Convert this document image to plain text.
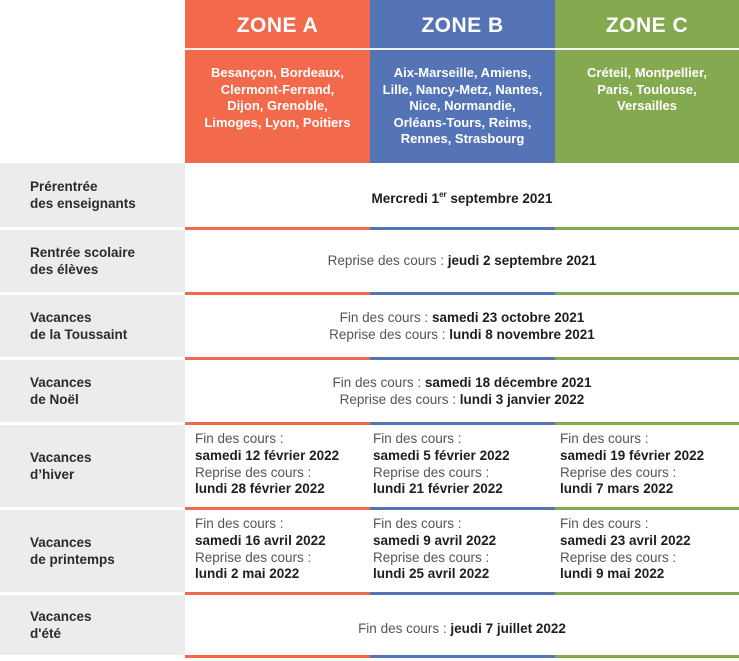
ZONE A
Besançon, Bordeaux,
Clermont-Ferrand,
Dijon, Grenoble,
Limoges, Lyon, Poitiers
ZONE B
Aix-Marseille, Amiens,
Lille, Nancy-Metz, Nantes,
Nice, Normandie,
Orléans-Tours, Reims,
Rennes, Strasbourg
ZONE C
Créteil, Montpellier,
Paris, Toulouse,
Versailles
Prérentrée
des enseignants	Mercredi 1er septembre 2021
Rentrée scolaire
des élèves
Reprise des cours : jeudi 2 septembre 2021
Vacances
de la Toussaint
Fin des cours : samedi 23 octobre 2021
Reprise des cours : lundi 8 novembre 2021
Vacances
de Noël
Fin des cours : samedi 18 décembre 2021
Reprise des cours : lundi 3 janvier 2022
Vacances
d’hiver
Fin des cours :
samedi 12 février 2022
Reprise des cours :
lundi 28 février 2022
Fin des cours :
samedi 5 février 2022
Reprise des cours :
lundi 21 février 2022
Fin des cours :
samedi 19 février 2022
Reprise des cours :
lundi 7 mars 2022
Vacances
de printemps
Fin des cours :
samedi 16 avril 2022
Reprise des cours :
lundi 2 mai 2022
Fin des cours :
samedi 9 avril 2022
Reprise des cours :
lundi 25 avril 2022
Fin des cours :
samedi 23 avril 2022
Reprise des cours :
lundi 9 mai 2022
Vacances
d'été	Fin des cours : jeudi 7 juillet 2022
